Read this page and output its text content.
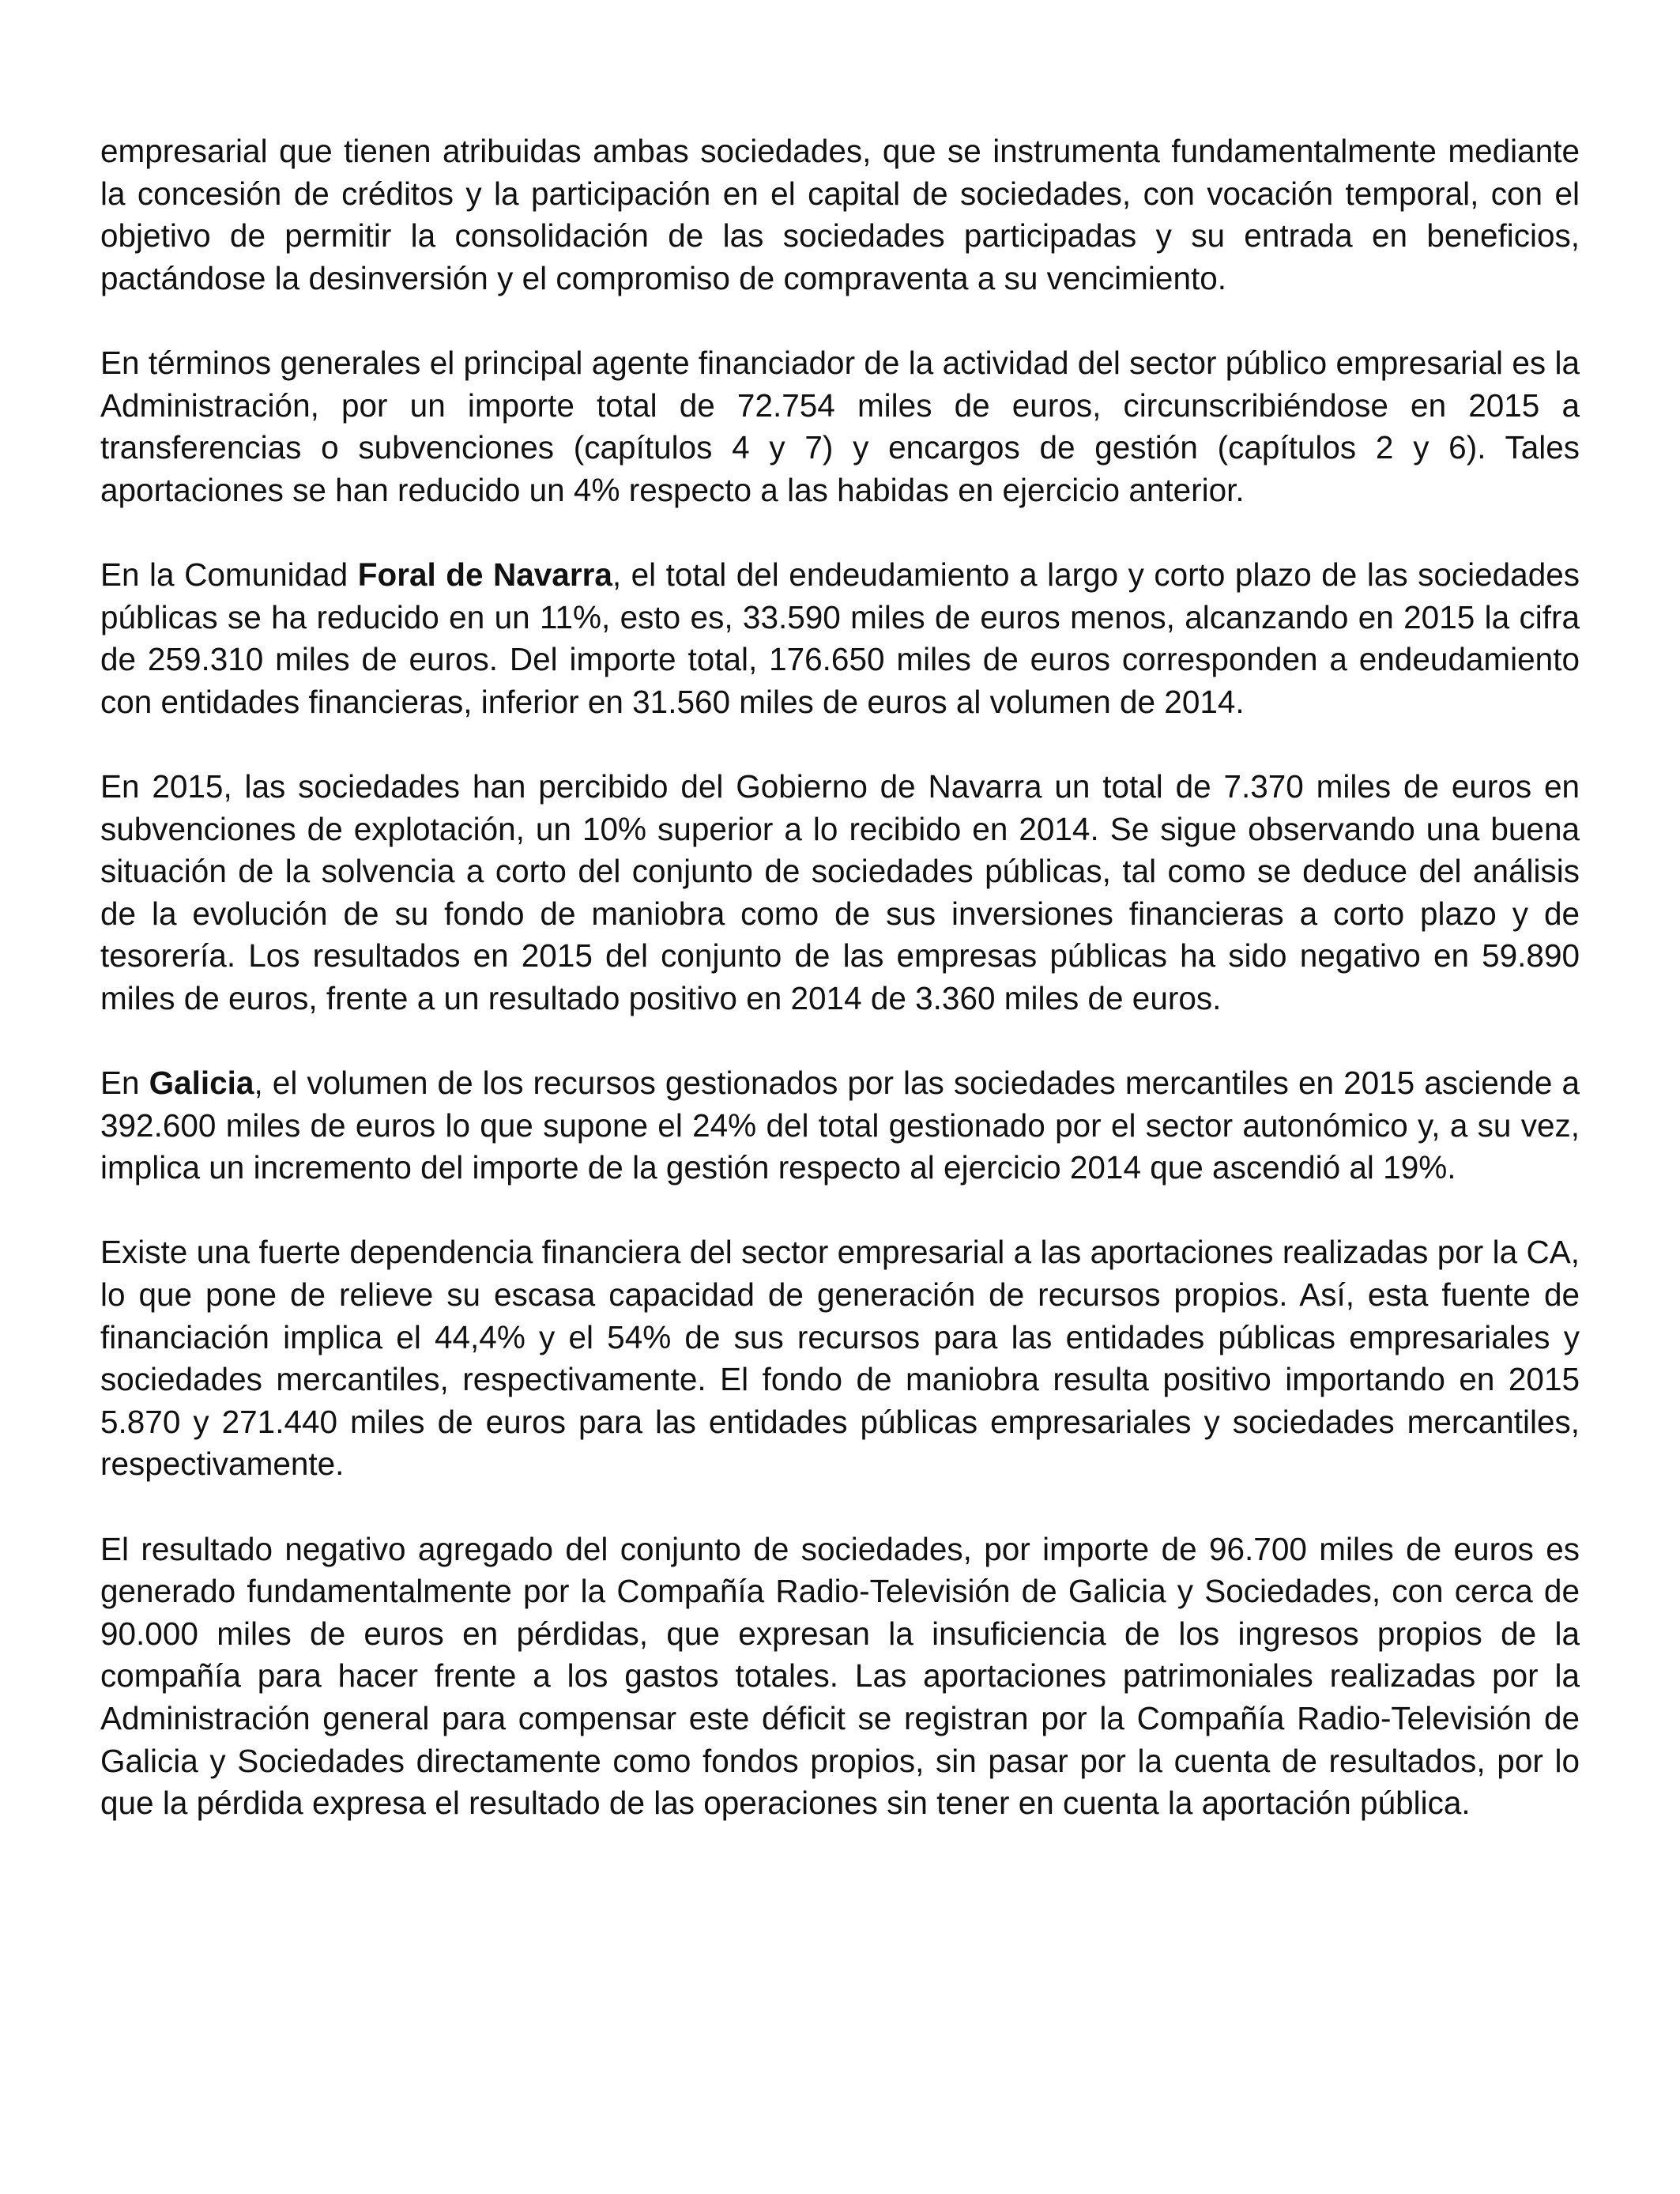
empresarial que tienen atribuidas ambas sociedades, que se instrumenta fundamentalmente mediante la concesión de créditos y la participación en el capital de sociedades, con vocación temporal, con el objetivo de permitir la consolidación de las sociedades participadas y su entrada en beneficios, pactándose la desinversión y el compromiso de compraventa a su vencimiento.

En términos generales el principal agente financiador de la actividad del sector público empresarial es la Administración, por un importe total de 72.754 miles de euros, circunscribiéndose en 2015 a transferencias o subvenciones (capítulos 4 y 7) y encargos de gestión (capítulos 2 y 6). Tales aportaciones se han reducido un 4% respecto a las habidas en ejercicio anterior.

En la Comunidad Foral de Navarra, el total del endeudamiento a largo y corto plazo de las sociedades públicas se ha reducido en un 11%, esto es, 33.590 miles de euros menos, alcanzando en 2015 la cifra de 259.310 miles de euros. Del importe total, 176.650 miles de euros corresponden a endeudamiento con entidades financieras, inferior en 31.560 miles de euros al volumen de 2014.

En 2015, las sociedades han percibido del Gobierno de Navarra un total de 7.370 miles de euros en subvenciones de explotación, un 10% superior a lo recibido en 2014. Se sigue observando una buena situación de la solvencia a corto del conjunto de sociedades públicas, tal como se deduce del análisis de la evolución de su fondo de maniobra como de sus inversiones financieras a corto plazo y de tesorería. Los resultados en 2015 del conjunto de las empresas públicas ha sido negativo en 59.890 miles de euros, frente a un resultado positivo en 2014 de 3.360 miles de euros.

En Galicia, el volumen de los recursos gestionados por las sociedades mercantiles en 2015 asciende a 392.600 miles de euros lo que supone el 24% del total gestionado por el sector autonómico y, a su vez, implica un incremento del importe de la gestión respecto al ejercicio 2014 que ascendió al 19%.

Existe una fuerte dependencia financiera del sector empresarial a las aportaciones realizadas por la CA, lo que pone de relieve su escasa capacidad de generación de recursos propios. Así, esta fuente de financiación implica el 44,4% y el 54% de sus recursos para las entidades públicas empresariales y sociedades mercantiles, respectivamente. El fondo de maniobra resulta positivo importando en 2015 5.870 y 271.440 miles de euros para las entidades públicas empresariales y sociedades mercantiles, respectivamente.

El resultado negativo agregado del conjunto de sociedades, por importe de 96.700 miles de euros es generado fundamentalmente por la Compañía Radio-Televisión de Galicia y Sociedades, con cerca de 90.000 miles de euros en pérdidas, que expresan la insuficiencia de los ingresos propios de la compañía para hacer frente a los gastos totales. Las aportaciones patrimoniales realizadas por la Administración general para compensar este déficit se registran por la Compañía Radio-Televisión de Galicia y Sociedades directamente como fondos propios, sin pasar por la cuenta de resultados, por lo que la pérdida expresa el resultado de las operaciones sin tener en cuenta la aportación pública.
